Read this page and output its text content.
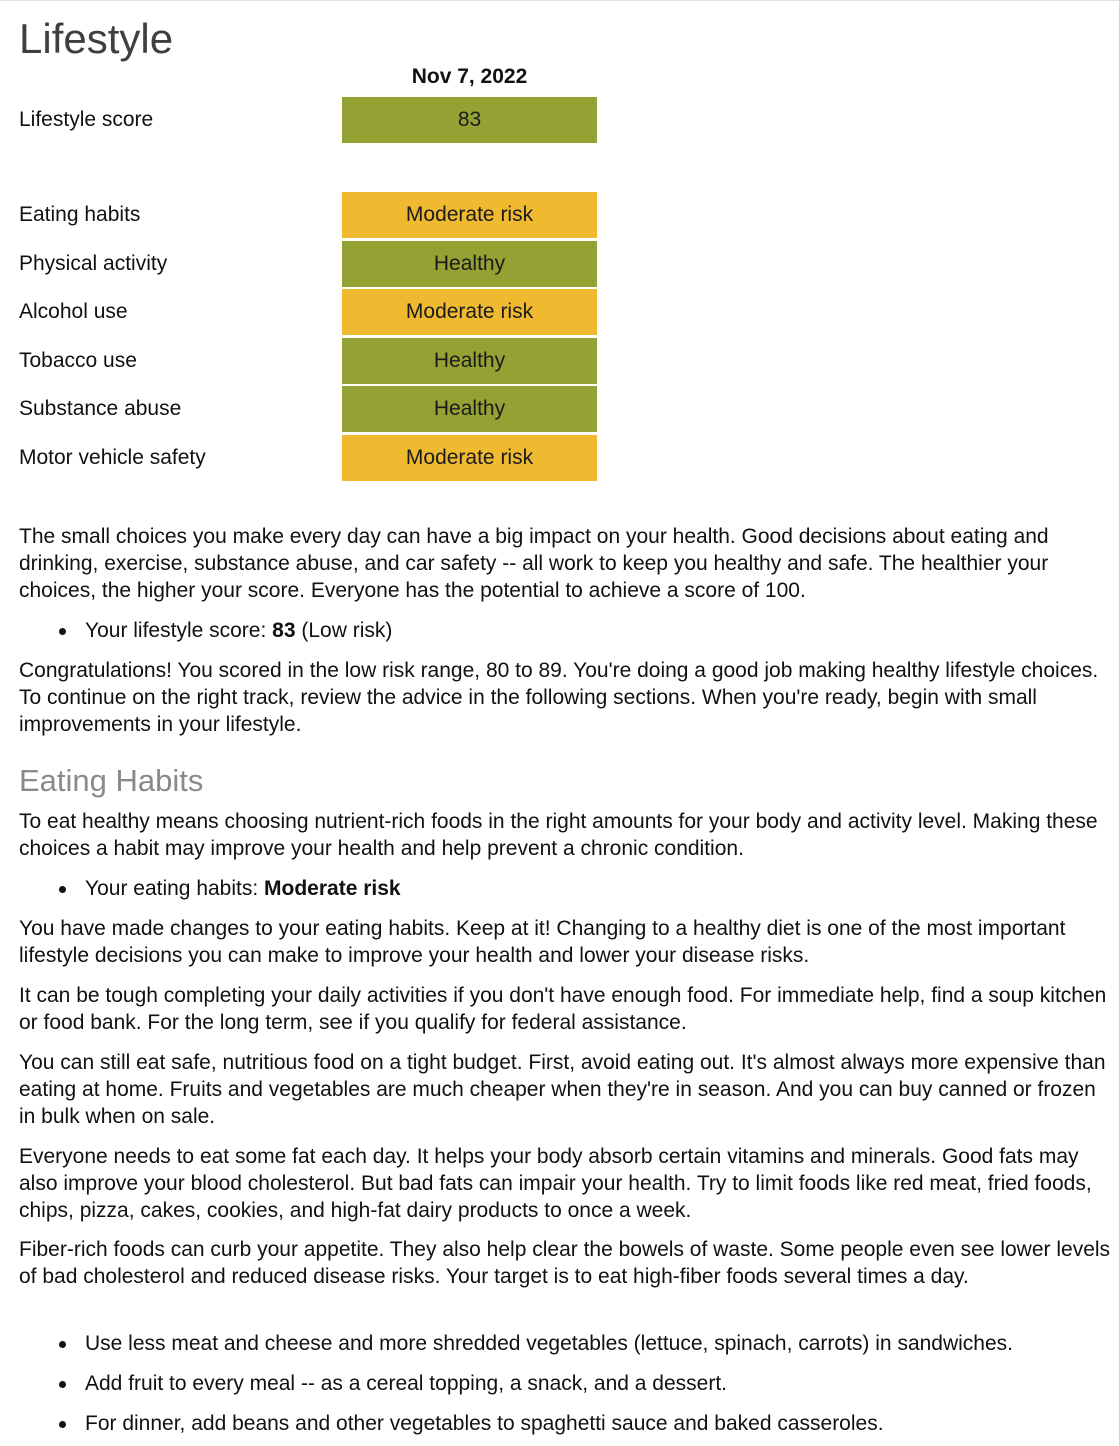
Lifestyle
Nov 7, 2022
Lifestyle score	83
Eating habits	Moderate risk
Physical activity	Healthy
Alcohol use	Moderate risk
Tobacco use	Healthy
Substance abuse	Healthy
Motor vehicle safety	Moderate risk

The small choices you make every day can have a big impact on your health. Good decisions about eating and drinking, exercise, substance abuse, and car safety -- all work to keep you healthy and safe. The healthier your choices, the higher your score. Everyone has the potential to achieve a score of 100.

Your lifestyle score: 83 (Low risk)

Congratulations! You scored in the low risk range, 80 to 89. You're doing a good job making healthy lifestyle choices. To continue on the right track, review the advice in the following sections. When you're ready, begin with small improvements in your lifestyle.

Eating Habits

To eat healthy means choosing nutrient-rich foods in the right amounts for your body and activity level. Making these choices a habit may improve your health and help prevent a chronic condition.

Your eating habits: Moderate risk

You have made changes to your eating habits. Keep at it! Changing to a healthy diet is one of the most important lifestyle decisions you can make to improve your health and lower your disease risks.

It can be tough completing your daily activities if you don't have enough food. For immediate help, find a soup kitchen or food bank. For the long term, see if you qualify for federal assistance.

You can still eat safe, nutritious food on a tight budget. First, avoid eating out. It's almost always more expensive than eating at home. Fruits and vegetables are much cheaper when they're in season. And you can buy canned or frozen in bulk when on sale.

Everyone needs to eat some fat each day. It helps your body absorb certain vitamins and minerals. Good fats may also improve your blood cholesterol. But bad fats can impair your health. Try to limit foods like red meat, fried foods, chips, pizza, cakes, cookies, and high-fat dairy products to once a week.

Fiber-rich foods can curb your appetite. They also help clear the bowels of waste. Some people even see lower levels of bad cholesterol and reduced disease risks. Your target is to eat high-fiber foods several times a day.

Use less meat and cheese and more shredded vegetables (lettuce, spinach, carrots) in sandwiches.
Add fruit to every meal -- as a cereal topping, a snack, and a dessert.
For dinner, add beans and other vegetables to spaghetti sauce and baked casseroles.
